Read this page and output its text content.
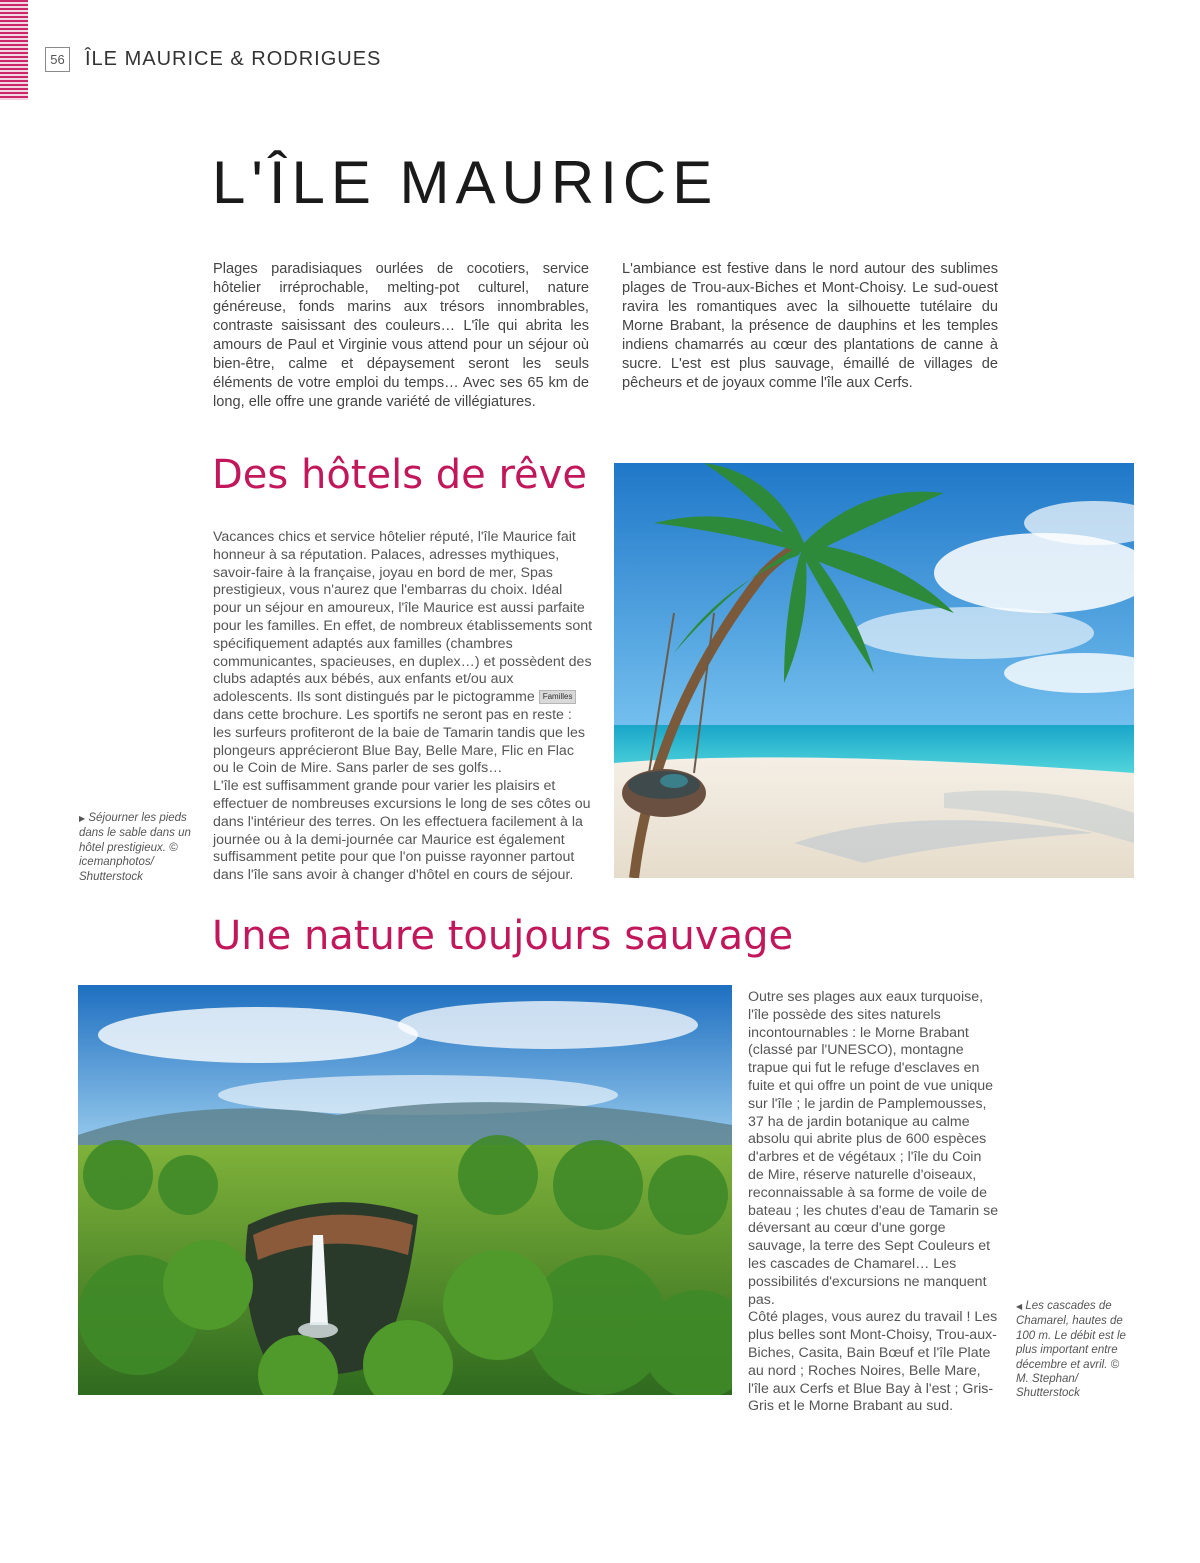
56 ÎLE MAURICE & RODRIGUES
L'ÎLE MAURICE

Plages paradisiaques ourlées de cocotiers, service hôtelier irréprochable, melting-pot culturel, nature généreuse, fonds marins aux trésors innombrables, contraste saisissant des couleurs… L'île qui abrita les amours de Paul et Virginie vous attend pour un séjour où bien-être, calme et dépaysement seront les seuls éléments de votre emploi du temps… Avec ses 65 km de long, elle offre une grande variété de villégiatures.

L'ambiance est festive dans le nord autour des sublimes plages de Trou-aux-Biches et Mont-Choisy. Le sud-ouest ravira les romantiques avec la silhouette tutélaire du Morne Brabant, la présence de dauphins et les temples indiens chamarrés au cœur des plantations de canne à sucre. L'est est plus sauvage, émaillé de villages de pêcheurs et de joyaux comme l'île aux Cerfs.

Des hôtels de rêve

Vacances chics et service hôtelier réputé, l'île Maurice fait honneur à sa réputation. Palaces, adresses mythiques, savoir-faire à la française, joyau en bord de mer, Spas prestigieux, vous n'aurez que l'embarras du choix. Idéal pour un séjour en amoureux, l'île Maurice est aussi parfaite pour les familles. En effet, de nombreux établissements sont spécifiquement adaptés aux familles (chambres communicantes, spacieuses, en duplex…) et possèdent des clubs adaptés aux bébés, aux enfants et/ou aux adolescents. Ils sont distingués par le pictogramme Familles dans cette brochure. Les sportifs ne seront pas en reste : les surfeurs profiteront de la baie de Tamarin tandis que les plongeurs apprécieront Blue Bay, Belle Mare, Flic en Flac ou le Coin de Mire. Sans parler de ses golfs…

L'île est suffisamment grande pour varier les plaisirs et effectuer de nombreuses excursions le long de ses côtes ou dans l'intérieur des terres. On les effectuera facilement à la journée ou à la demi-journée car Maurice est également suffisamment petite pour que l'on puisse rayonner partout dans l'île sans avoir à changer d'hôtel en cours de séjour.

▶ Séjourner les pieds dans le sable dans un hôtel prestigieux. © icemanphotos/ Shutterstock

Une nature toujours sauvage

Outre ses plages aux eaux turquoise, l'île possède des sites naturels incontournables : le Morne Brabant (classé par l'UNESCO), montagne trapue qui fut le refuge d'esclaves en fuite et qui offre un point de vue unique sur l'île ; le jardin de Pamplemousses, 37 ha de jardin botanique au calme absolu qui abrite plus de 600 espèces d'arbres et de végétaux ; l'île du Coin de Mire, réserve naturelle d'oiseaux, reconnaissable à sa forme de voile de bateau ; les chutes d'eau de Tamarin se déversant au cœur d'une gorge sauvage, la terre des Sept Couleurs et les cascades de Chamarel… Les possibilités d'excursions ne manquent pas.

Côté plages, vous aurez du travail ! Les plus belles sont Mont-Choisy, Trou-aux-Biches, Casita, Bain Bœuf et l'île Plate au nord ; Roches Noires, Belle Mare, l'île aux Cerfs et Blue Bay à l'est ; Gris-Gris et le Morne Brabant au sud.

◀ Les cascades de Chamarel, hautes de 100 m. Le débit est le plus important entre décembre et avril. © M. Stephan/ Shutterstock
